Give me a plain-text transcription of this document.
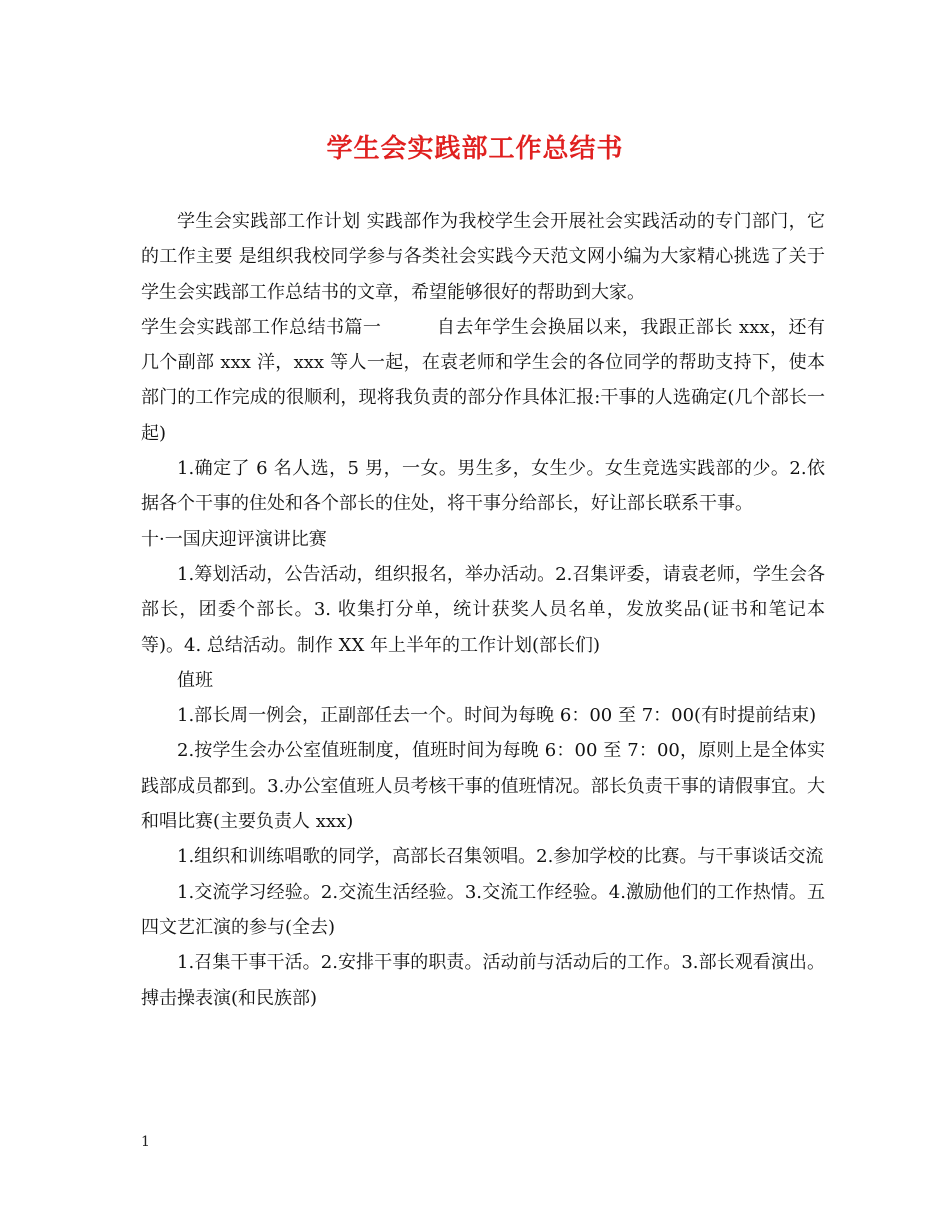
学生会实践部工作总结书

学生会实践部工作计划 实践部作为我校学生会开展社会实践活动的专门部门，它的工作主要 是组织我校同学参与各类社会实践今天范文网小编为大家精心挑选了关于学生会实践部工作总结书的文章，希望能够很好的帮助到大家。

学生会实践部工作总结书篇一　　　自去年学生会换届以来，我跟正部长 xxx，还有几个副部 xxx 洋，xxx 等人一起，在袁老师和学生会的各位同学的帮助支持下，使本部门的工作完成的很顺利，现将我负责的部分作具体汇报:干事的人选确定(几个部长一起)

1.确定了 6 名人选，5 男，一女。男生多，女生少。女生竞选实践部的少。2.依据各个干事的住处和各个部长的住处，将干事分给部长，好让部长联系干事。

十·一国庆迎评演讲比赛

1.筹划活动，公告活动，组织报名，举办活动。2.召集评委，请袁老师，学生会各部长，团委个部长。3. 收集打分单，统计获奖人员名单，发放奖品(证书和笔记本等)。4. 总结活动。制作 XX 年上半年的工作计划(部长们)

值班

1.部长周一例会，正副部任去一个。时间为每晚 6：00 至 7：00(有时提前结束)

2.按学生会办公室值班制度，值班时间为每晚 6：00 至 7：00，原则上是全体实践部成员都到。3.办公室值班人员考核干事的值班情况。部长负责干事的请假事宜。大和唱比赛(主要负责人 xxx)

1.组织和训练唱歌的同学，高部长召集领唱。2.参加学校的比赛。与干事谈话交流

1.交流学习经验。2.交流生活经验。3.交流工作经验。4.激励他们的工作热情。五四文艺汇演的参与(全去)

1.召集干事干活。2.安排干事的职责。活动前与活动后的工作。3.部长观看演出。搏击操表演(和民族部)

1
